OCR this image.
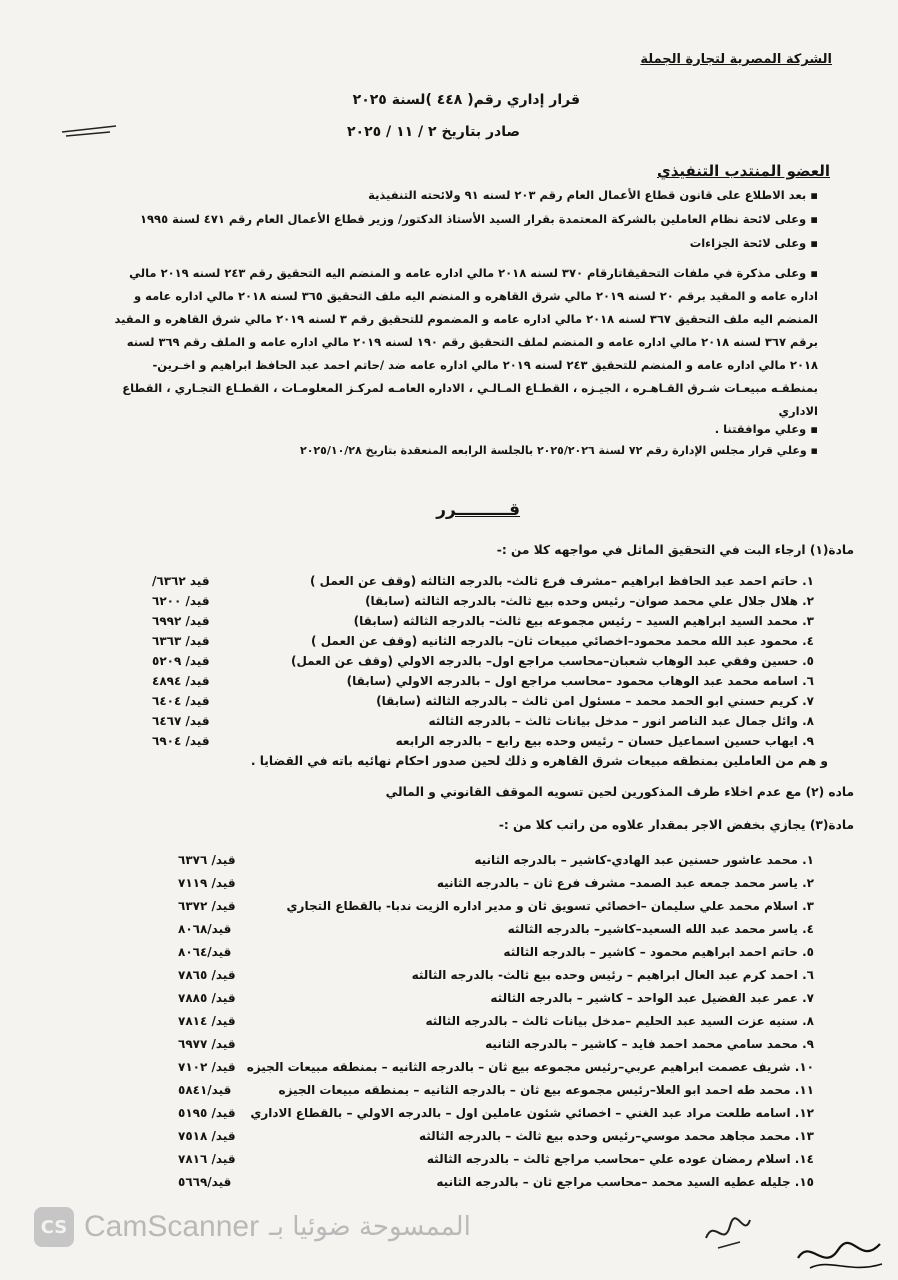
الشركة المصرية لتجارة الجملة
قرار إداري رقم( ٤٤٨ )لسنة ٢٠٢٥
صادر بتاريخ ٢ / ١١ / ٢٠٢٥
العضو المنتدب التنفيذي
▪ بعد الاطلاع على قانون قطاع الأعمال العام رقم ٢٠٣ لسنه ٩١ ولائحته التنفيذية
▪ وعلى لائحة نظام العاملين بالشركة المعتمدة بقرار السيد الأستاذ الدكتور/ وزير قطاع الأعمال العام رقم ٤٧١ لسنة ١٩٩٥
▪ وعلى لائحة الجزاءات
▪ وعلى مذكرة في ملفات التحقيقاتارقام ٣٧٠ لسنه ٢٠١٨ مالي اداره عامه و المنضم اليه التحقيق رقم ٢٤٣ لسنه ٢٠١٩ مالي اداره عامه و المقيد برقم ٢٠ لسنه ٢٠١٩ مالي شرق القاهره و المنضم اليه ملف التحقيق ٣٦٥ لسنه ٢٠١٨ مالي اداره عامه و المنضم اليه ملف التحقيق ٣٦٧ لسنه ٢٠١٨ مالي اداره عامه و المضموم للتحقيق رقم ٣ لسنه ٢٠١٩ مالي شرق القاهره و المقيد برقم ٣٦٧ لسنه ٢٠١٨ مالي اداره عامه و المنضم لملف التحقيق رقم ١٩٠ لسنه ٢٠١٩ مالي اداره عامه و الملف رقم ٣٦٩ لسنه ٢٠١٨ مالي اداره عامه و المنضم للتحقيق ٢٤٣ لسنه ٢٠١٩ مالي اداره عامه ضد /حاتم احمد عبد الحافظ ابراهيم و اخـرين-بمنطقـه مبيعـات شـرق القـاهـره ، الجيـزه ، القطـاع المـالـي ، الاداره العامـه لمركـز المعلومـات ، القطـاع التجـاري ، القطاع الاداري
▪ وعلي موافقتنا .
▪ وعلي قرار مجلس الإدارة رقم ٧٢ لسنة ٢٠٢٥/٢٠٢٦ بالجلسة الرابعه المنعقدة بتاريخ ٢٠٢٥/١٠/٢٨
قـــــــــرر
مادة(١) ارجاء البت في التحقيق الماثل في مواجهه كلا من :-
١. حاتم احمد عبد الحافظ ابراهيم –مشرف فرع ثالث- بالدرجه الثالثه (وقف عن العمل )
قيد ٦٣٦٢/
٢. هلال جلال علي محمد صوان– رئيس وحده بيع ثالث- بالدرجه الثالثه (سابقا)
قيد/ ٦٢٠٠
٣. محمد السيد ابراهيم السيد – رئيس مجموعه بيع ثالث– بالدرجه الثالثه (سابقا)
قيد/ ٦٩٩٢
٤. محمود عبد الله محمد محمود–اخصائي مبيعات ثان– بالدرجه الثانيه (وقف عن العمل )
قيد/ ٦٣٦٣
٥. حسين وفقي عبد الوهاب شعبان–محاسب مراجع اول– بالدرجه الاولي (وقف عن العمل)
قيد/ ٥٢٠٩
٦. اسامه محمد عبد الوهاب محمود –محاسب مراجع اول – بالدرجه الاولي (سابقا)
قيد/ ٤٨٩٤
٧. كريم حسني ابو الحمد محمد – مسئول امن ثالث – بالدرجه الثالثه (سابقا)
قيد/ ٦٤٠٤
٨. وائل جمال عبد الناصر انور – مدخل بيانات ثالث – بالدرجه الثالثه
قيد/ ٦٤٦٧
٩. ايهاب حسين اسماعيل حسان – رئيس وحده بيع رابع – بالدرجه الرابعه
قيد/ ٦٩٠٤
و هم من العاملين بمنطقه مبيعات شرق القاهره و ذلك لحين صدور احكام نهائيه باته في القضايا .
ماده (٢) مع عدم اخلاء طرف المذكورين لحين تسويه الموقف القانوني و المالي
مادة(٣) يجازي بخفض الاجر بمقدار علاوه من راتب كلا من :-
١. محمد عاشور حسنين عبد الهادي-كاشير – بالدرجه الثانيه
قيد/ ٦٣٧٦
٢. ياسر محمد جمعه عبد الصمد– مشرف فرع ثان – بالدرجه الثانيه
قيد/ ٧١١٩
٣. اسلام محمد علي سليمان –اخصائي تسويق ثان و مدير اداره الزيت ندبا- بالقطاع التجاري
قيد/ ٦٣٧٢
٤. ياسر محمد عبد الله السعيد–كاشير– بالدرجه الثالثه
قيد/٨٠٦٨
٥. حاتم احمد ابراهيم محمود – كاشير – بالدرجه الثالثه
قيد/٨٠٦٤
٦. احمد كرم عبد العال ابراهيم – رئيس وحده بيع ثالث- بالدرجه الثالثه
قيد/ ٧٨٦٥
٧. عمر عبد الفضيل عبد الواحد – كاشير – بالدرجه الثالثه
قيد/ ٧٨٨٥
٨. سنيه عزت السيد عبد الحليم –مدخل بيانات ثالث – بالدرجه الثالثه
قيد/ ٧٨١٤
٩. محمد سامي محمد احمد فايد – كاشير – بالدرجه الثانيه
قيد/ ٦٩٧٧
١٠. شريف عصمت ابراهيم عربي–رئيس مجموعه بيع ثان – بالدرجه الثانيه – بمنطقه مبيعات الجيزه
قيد/ ٧١٠٢
١١. محمد طه احمد ابو العلا–رئيس مجموعه بيع ثان – بالدرجه الثانيه – بمنطقه مبيعات الجيزه
قيد/٥٨٤١
١٢. اسامه طلعت مراد عبد الغني – اخصائي شئون عاملين اول – بالدرجه الاولي – بالقطاع الاداري
قيد/ ٥١٩٥
١٣. محمد مجاهد محمد موسي–رئيس وحده بيع ثالث – بالدرجه الثالثه
قيد/ ٧٥١٨
١٤. اسلام رمضان عوده علي –محاسب مراجع ثالث – بالدرجه الثالثه
قيد/ ٧٨١٦
١٥. جليله عطيه السيد محمد –محاسب مراجع ثان – بالدرجه الثانيه
قيد/٥٦٦٩
CS CamScanner الممسوحة ضوئيا بـ
